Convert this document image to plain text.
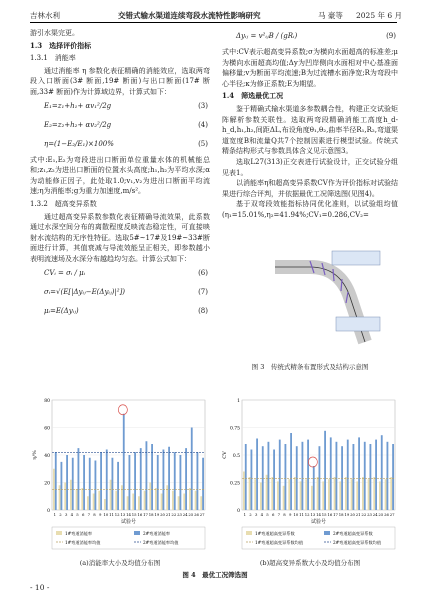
吉林水利	交错式输水渠道连续弯段水流特性影响研究	马 豪等 2025 年 6 月

游引水渠完更。

1.3　选择评价指标

1.3.1　消能率

通过消能率 η 参数化表征精确的消能效应，选取两弯段入口断面(3# 断面,19# 断面)与出口断面(17# 断面,33# 断面)作为计算域边界，计算式如下：

E₁=z₁+h₁+ αv₁²/2g	(3)
E₂=z₂+h₂+ αv₂²/2g	(4)
η=(1−E₂/E₁)×100%	(5)

式中:E₁,E₂为弯段进出口断面单位重量水体的机械能总和;z₁,z₂为进出口断面的位置水头高度;h₁,h₂为平均水深;α为动能修正因子，此处取1.0;v₁,v₂为进出口断面平均流速;η为消能率;g为重力加速度,m/s²。

1.3.2　超高变异系数

通过超高变异系数参数化表征精确导流效果，此系数通过水深空间分布的离散程度反映流态稳定性，可直接映射水流结构的无序性特征。选取5#~17#及19#~33#断面进行计算，其值衰减与导流效能呈正相关，即参数越小表明流速场及水深分布越趋均匀态。计算公式如下：

CVᵢ = σᵢ / μᵢ	(6)
σᵢ=√(E[|Δyᵢⱼ−E(Δyᵢⱼ)|²])	(7)
μᵢ=E(Δyᵢⱼ)	(8)
Δyᵢⱼ = v²ᵢⱼB / (gRᵢ)	(9)

式中:CV表示超高变异系数;σ为横向水面超高的标准差;μ为横向水面超高均值;Δy为凹岸侧向水面相对中心基准面偏移量;v为断面平均流速;B为过流槽水面净宽;R为弯段中心半径;κ为修正系数;E为期望。

1.4　筛选最优工况

鉴于精确式输水渠道多参数耦合性，构建正交试验矩阵解析参数关联性。选取两弯段精确消能工高度h_d-h_d,h₁,h₂,间距ΔL,布设角度θ₁,θ₂,曲率半径R₁,R₂,弯道渠道宽度B和流量Q共7个控制因素进行模型试验。传统式精条结构形式与参数具体含义见示意图3。

选取L27(313)正交表进行试验设计，正交试验分组见表1。

以消能率η和超高变异系数CV作为评价指标对试验结果进行综合评判，并依据最优工况筛选图(见图4)。

基于双弯段效能指标协同优化准则，以试验组均值(η₁=15.01%,η₂=41.94%;CV₁=0.286,CV₂=

图 3　传统式精条布置形式及结构示意图
0
20
40
60
80
η/%
1 2 3 4 5 6 7 8 9 10 11 12 13 14 15 16 17 18 19 20 21 22 23 24 25 26 27
试验号
1#弯道消能率	2#弯道消能率
1#弯道消能率均值	2#弯道消能率均值
0
0.25
0.5
0.75
1
CV
1 2 3 4 5 6 7 8 9 10 11 12 13 14 15 16 17 18 19 20 21 22 23 24 25 26 27
试验号
1#弯道超高变异系数	2#弯道超高变异系数
1#弯道超高变异系数均值	2#弯道超高变异系数均值
(a)消能率大小及均值分布图	(b)超高变异系数大小及均值分布图
图 4　最优工况筛选图
- 10 -
